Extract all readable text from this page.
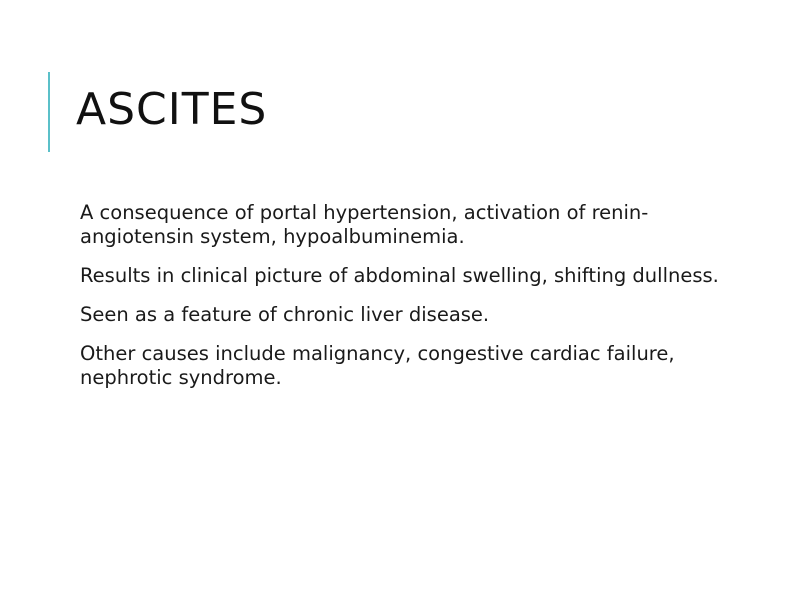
ASCITES
A consequence of portal hypertension, activation of renin-angiotensin system, hypoalbuminemia.
Results in clinical picture of abdominal swelling, shifting dullness.
Seen as a feature of chronic liver disease.
Other causes include malignancy, congestive cardiac failure, nephrotic syndrome.
